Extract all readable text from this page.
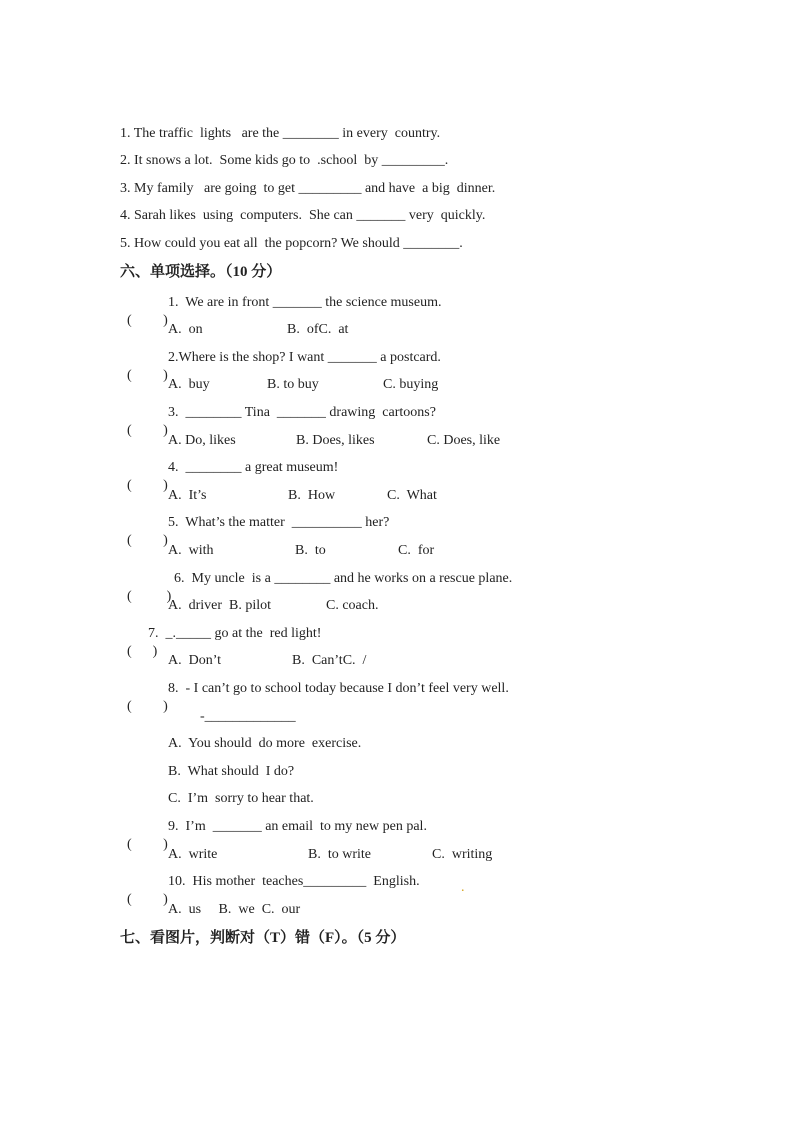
1. The traffic  lights   are the ________ in every  country.
2. It snows a lot.  Some kids go to  .school  by _________.
3. My family   are going  to get _________ and have  a big  dinner.
4. Sarah likes  using  computers.  She can _______ very  quickly.
5. How could you eat all  the popcorn? We should ________.
六、单项选择。（10 分）

(         )

1.  We are in front _______ the science museum.

A.  on	B.  ofC.  at

(         )

2.Where is the shop? I want _______ a postcard.

A.  buy	B. to buy	C. buying

(         )

3.  ________ Tina  _______ drawing  cartoons?

A. Do, likes	B. Does, likes	C. Does, like

(         )

4.  ________ a great museum!

A.  It’s	B.  How	C.  What

(         )

5.  What’s the matter  __________ her?

A.  with	B.  to	C.  for

(          )

6.  My uncle  is a ________ and he works on a rescue plane.

A.  driver  B. pilot	C. coach.

(      )

7.  _._____ go at the  red light!

A.  Don’t	B.  Can’tC.  /

(         )

8.  - I can’t go to school today because I don’t feel very well.

-_____________
A.  You should  do more  exercise.
B.  What should  I do?
C.  I’m  sorry to hear that.

(         )

9.  I’m  _______ an email  to my new pen pal.

A.  write	B.  to write	C.  writing

(         )

10.  His mother  teaches_________  English.	.
A.  us     B.  we  C.  our
七、看图片，判断对（T）错（F）。（5 分）
